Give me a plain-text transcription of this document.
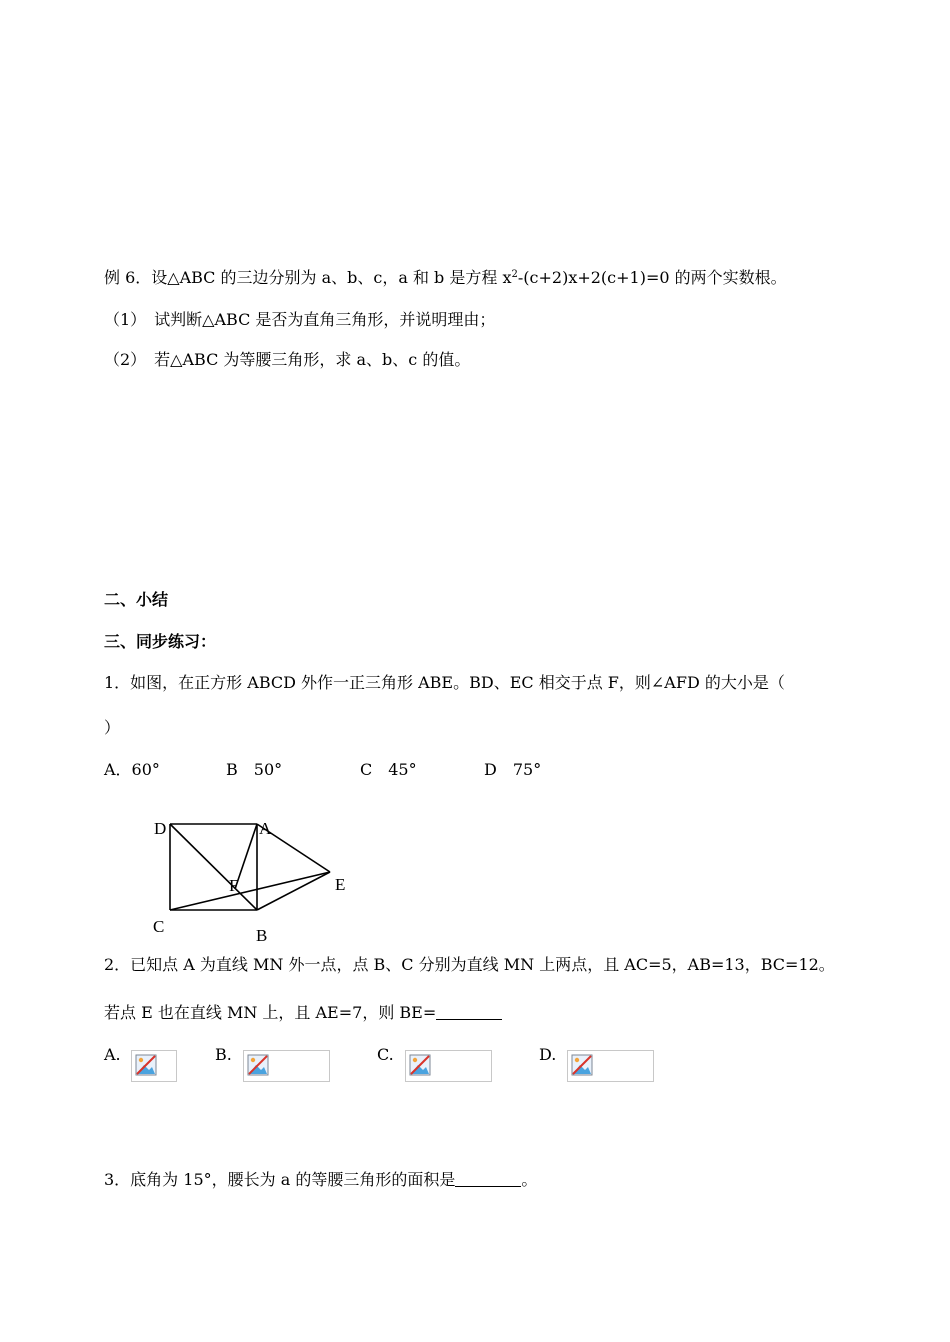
例 6．设△ABC 的三边分别为 a、b、c，a 和 b 是方程 $x^2-(c+2)x+2(c+1)=0$ 的两个实数根。
（1）　试判断△ABC 是否为直角三角形，并说明理由；
（2）　若△ABC 为等腰三角形，求 a、b、c 的值。
二、小结
三、同步练习：
1．如图，在正方形 ABCD 外作一正三角形 ABE。BD、EC 相交于点 F，则∠AFD 的大小是（
）
A．60°	B　50°	C　45°	D　75°
D	A
F	E
C	B
2．已知点 A 为直线 MN 外一点，点 B、C 分别为直线 MN 上两点，且 AC=5，AB=13，BC=12。
若点 E 也在直线 MN 上，且 AE=7，则 BE=
A.	B.	C.	D.
3．底角为 15°，腰长为 a 的等腰三角形的面积是	。
